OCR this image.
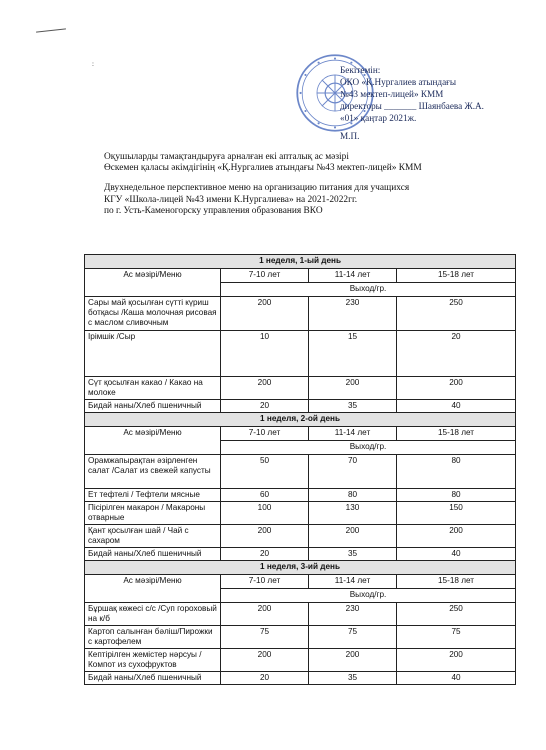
:
Бекітемін:
ОКО «Қ.Нургалиев атындағы
№43 мектеп-лицей» КММ
директоры _______ Шаянбаева Ж.А.
«01» қаңтар 2021ж.
М.П.
Оқушыларды тамақтандыруға арналған екі апталық ас мәзірі
Өскемен қаласы әкімдігінің «Қ.Нургалиев атындағы №43 мектеп-лицей» КММ
Двухнедельное перспективное меню на организацию питания для учащихся
КГУ «Школа-лицей №43 имени К.Нургалиева» на 2021-2022гг.
по г. Усть-Каменогорску управления образования ВКО
1 неделя, 1-ый день			
Ас мәзірі/Меню	7-10 лет	11-14 лет	15-18 лет
	Выход/гр.		
Сары май қосылған сүтті күриш ботқасы /Каша молочная рисовая с маслом сливочным	200	230	250
Ірімшік /Сыр	10	15	20
Сүт қосылған какао / Какао на молоке	200	200	200
Бидай наны/Хлеб пшеничный	20	35	40
1 неделя, 2-ой день			
Ас мәзірі/Меню	7-10 лет	11-14 лет	15-18 лет
	Выход/гр.		
Орамжапырақтан әзірленген салат /Салат из свежей капусты	50	70	80
Ет тефтелі / Тефтели мясные	60	80	80
Пісірілген макарон / Макароны отварные	100	130	150
Қант қосылған шай / Чай с сахаром	200	200	200
Бидай наны/Хлеб пшеничный	20	35	40
1 неделя, 3-ий день			
Ас мәзірі/Меню	7-10 лет	11-14 лет	15-18 лет
	Выход/гр.		
Бұршақ көжесі с/с /Суп гороховый на к/б	200	230	250
Картоп салынған бәліш/Пирожки с картофелем	75	75	75
Кептірілген жемістер нәрсуы /Компот из сухофруктов	200	200	200
Бидай наны/Хлеб пшеничный	20	35	40
